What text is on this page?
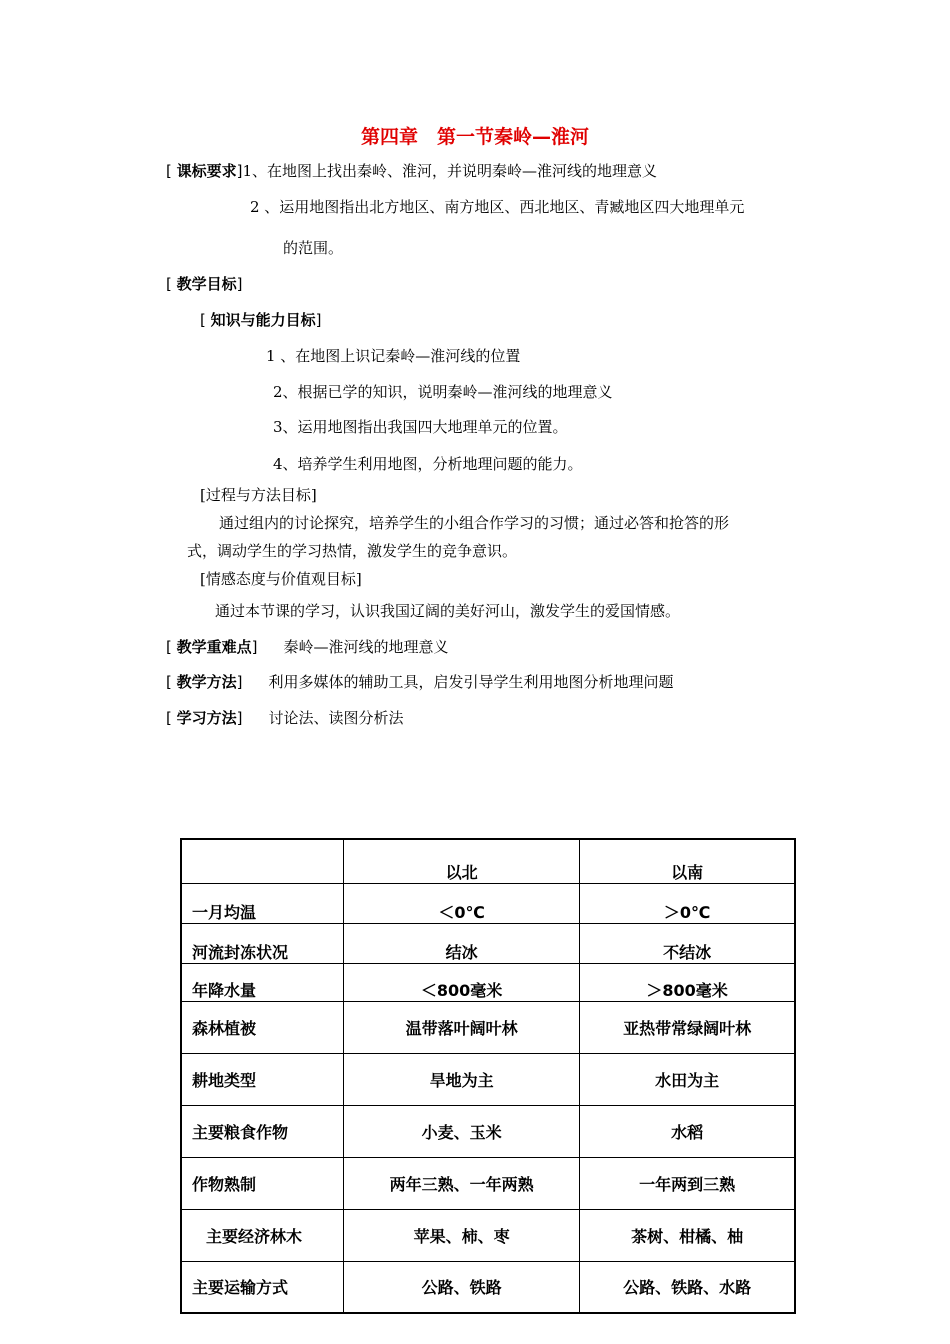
第四章　第一节秦岭—淮河
[ 课标要求]1、在地图上找出秦岭、淮河，并说明秦岭—淮河线的地理意义
2 、运用地图指出北方地区、南方地区、西北地区、青臧地区四大地理单元
的范围。
[ 教学目标]
[ 知识与能力目标]
1 、在地图上识记秦岭—淮河线的位置
2、根据已学的知识，说明秦岭—淮河线的地理意义
3、运用地图指出我国四大地理单元的位置。
4、培养学生利用地图，分析地理问题的能力。
[过程与方法目标]
通过组内的讨论探究，培养学生的小组合作学习的习惯；通过必答和抢答的形
式，调动学生的学习热情，激发学生的竞争意识。
[情感态度与价值观目标]
通过本节课的学习，认识我国辽阔的美好河山，激发学生的爱国情感。
[ 教学重难点] 秦岭—淮河线的地理意义
[ 教学方法] 利用多媒体的辅助工具，启发引导学生利用地图分析地理问题
[ 学习方法] 讨论法、读图分析法
	以北	以南
一月均温	＜0℃	＞0℃
河流封冻状况	结冰	不结冰
年降水量	＜800毫米	＞800毫米
森林植被	温带落叶阔叶林	亚热带常绿阔叶林
耕地类型	旱地为主	水田为主
主要粮食作物	小麦、玉米	水稻
作物熟制	两年三熟、一年两熟	一年两到三熟
主要经济林木	苹果、柿、枣	茶树、柑橘、柚
主要运输方式	公路、铁路	公路、铁路、水路
